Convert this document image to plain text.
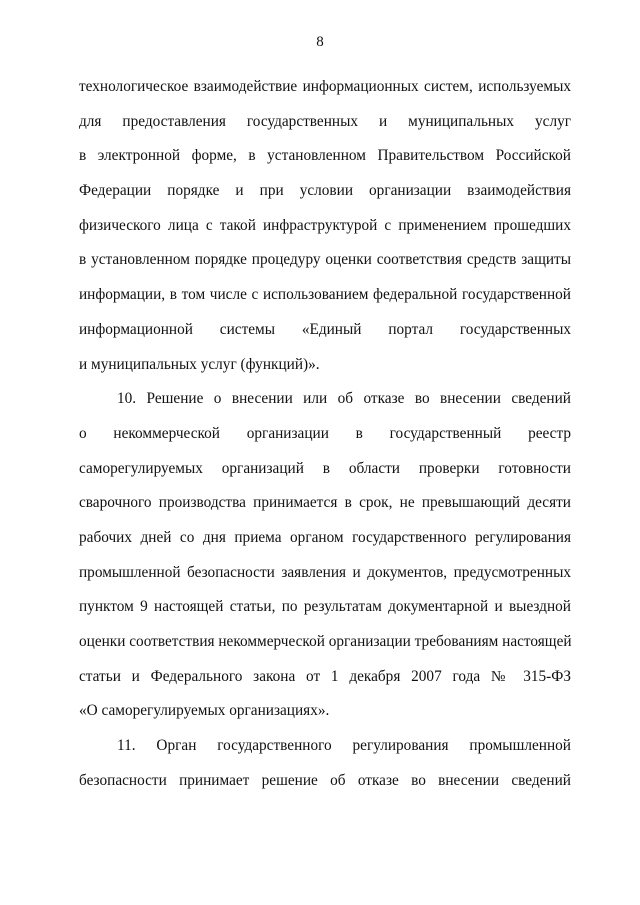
8
технологическое взаимодействие информационных систем, используемых
для предоставления государственных и муниципальных услуг
в электронной форме, в установленном Правительством Российской
Федерации порядке и при условии организации взаимодействия
физического лица с такой инфраструктурой с применением прошедших
в установленном порядке процедуру оценки соответствия средств защиты
информации, в том числе с использованием федеральной государственной
информационной системы «Единый портал государственных
и муниципальных услуг (функций)».
10. Решение о внесении или об отказе во внесении сведений
о некоммерческой организации в государственный реестр
саморегулируемых организаций в области проверки готовности
сварочного производства принимается в срок, не превышающий десяти
рабочих дней со дня приема органом государственного регулирования
промышленной безопасности заявления и документов, предусмотренных
пунктом 9 настоящей статьи, по результатам документарной и выездной
оценки соответствия некоммерческой организации требованиям настоящей
статьи и Федерального закона от 1 декабря 2007 года № 315-ФЗ
«О саморегулируемых организациях».
11. Орган государственного регулирования промышленной
безопасности принимает решение об отказе во внесении сведений
